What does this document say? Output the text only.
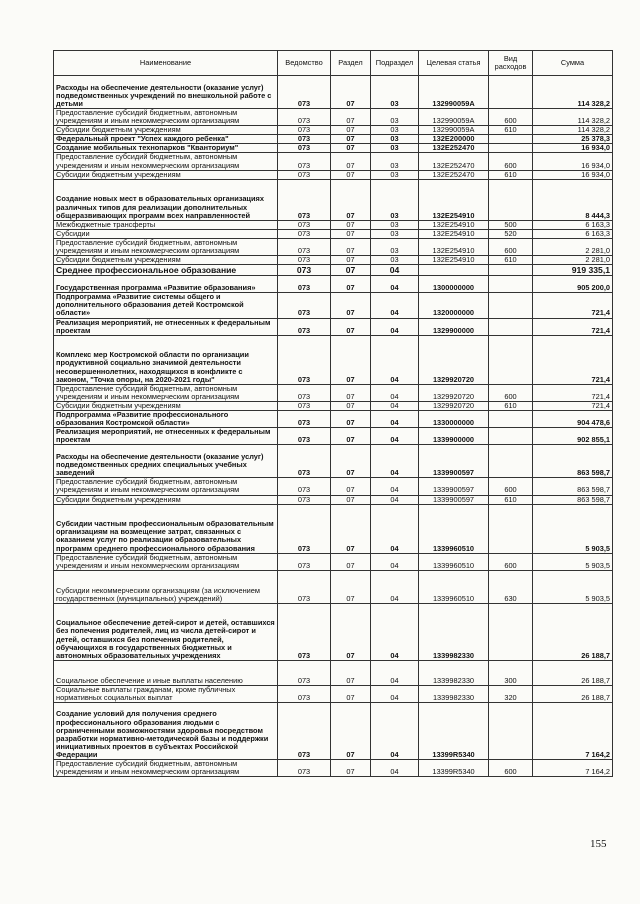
Наименование	Ведомство	Раздел	Подраздел	Целевая статья	Вид расходов	Сумма
Расходы на обеспечение деятельности (оказание услуг) подведомственных учреждений по внешкольной работе с детьми	073	07	03	132990059А		114 328,2
Предоставление субсидий бюджетным, автономным учреждениям и иным некоммерческим организациям	073	07	03	132990059А	600	114 328,2
Субсидии бюджетным учреждениям	073	07	03	132990059А	610	114 328,2
Федеральный проект "Успех каждого ребенка"	073	07	03	132Е200000		25 378,3
Создание мобильных технопарков "Кванториум"	073	07	03	132Е252470		16 934,0
Предоставление субсидий бюджетным, автономным учреждениям и иным некоммерческим организациям	073	07	03	132Е252470	600	16 934,0
Субсидии бюджетным учреждениям	073	07	03	132Е252470	610	16 934,0
Создание новых мест в образовательных организациях различных типов для реализации дополнительных общеразвивающих программ всех направленностей	073	07	03	132Е254910		8 444,3
Межбюджетные трансферты	073	07	03	132Е254910	500	6 163,3
Субсидии	073	07	03	132Е254910	520	6 163,3
Предоставление субсидий бюджетным, автономным учреждениям и иным некоммерческим организациям	073	07	03	132Е254910	600	2 281,0
Субсидии бюджетным учреждениям	073	07	03	132Е254910	610	2 281,0
Среднее профессиональное образование	073	07	04			919 335,1
Государственная программа «Развитие образования»	073	07	04	1300000000		905 200,0
Подпрограмма «Развитие системы общего и дополнительного образования детей Костромской области»	073	07	04	1320000000		721,4
Реализация мероприятий, не отнесенных к федеральным проектам	073	07	04	1329900000		721,4
Комплекс мер Костромской области по организации продуктивной социально значимой деятельности несовершеннолетних, находящихся в конфликте с законом, "Точка опоры, на 2020-2021 годы"	073	07	04	1329920720		721,4
Предоставление субсидий бюджетным, автономным учреждениям и иным некоммерческим организациям	073	07	04	1329920720	600	721,4
Субсидии бюджетным учреждениям	073	07	04	1329920720	610	721,4
Подпрограмма «Развитие профессионального образования Костромской области»	073	07	04	1330000000		904 478,6
Реализация мероприятий, не отнесенных к федеральным проектам	073	07	04	1339900000		902 855,1
Расходы на обеспечение деятельности (оказание услуг) подведомственных средних специальных учебных заведений	073	07	04	1339900597		863 598,7
Предоставление субсидий бюджетным, автономным учреждениям и иным некоммерческим организациям	073	07	04	1339900597	600	863 598,7
Субсидии бюджетным учреждениям	073	07	04	1339900597	610	863 598,7
Субсидии частным профессиональным образовательным организациям на возмещение затрат, связанных с оказанием услуг по реализации образовательных программ среднего профессионального образования	073	07	04	1339960510		5 903,5
Предоставление субсидий бюджетным, автономным учреждениям и иным некоммерческим организациям	073	07	04	1339960510	600	5 903,5
Субсидии некоммерческим организациям (за исключением государственных (муниципальных) учреждений)	073	07	04	1339960510	630	5 903,5
Социальное обеспечение детей-сирот и детей, оставшихся без попечения родителей, лиц из числа детей-сирот и детей, оставшихся без попечения родителей, обучающихся в государственных бюджетных и автономных образовательных учреждениях	073	07	04	1339982330		26 188,7
Социальное обеспечение и иные выплаты населению	073	07	04	1339982330	300	26 188,7
Социальные выплаты гражданам, кроме публичных нормативных социальных выплат	073	07	04	1339982330	320	26 188,7
Создание условий для получения среднего профессионального образования людьми с ограниченными возможностями здоровья посредством разработки нормативно-методической базы и поддержки инициативных проектов в субъектах Российской Федерации	073	07	04	13399R5340		7 164,2
Предоставление субсидий бюджетным, автономным учреждениям и иным некоммерческим организациям	073	07	04	13399R5340	600	7 164,2
155
